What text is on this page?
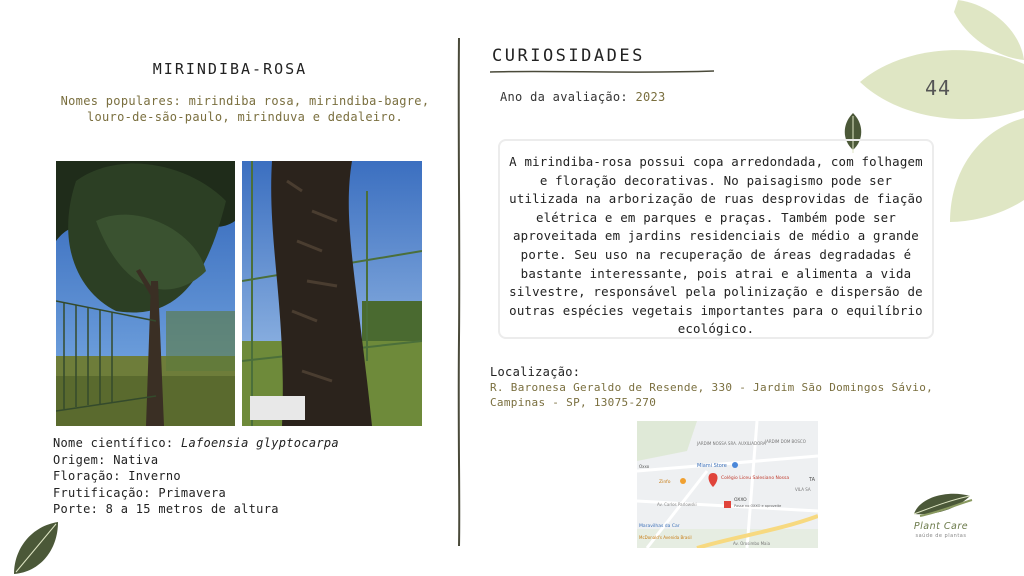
44
MIRINDIBA-ROSA
Nomes populares: mirindiba rosa, mirindiba-bagre, louro-de-são-paulo, mirinduva e dedaleiro.
Nome científico: Lafoensia glyptocarpa
Origem: Nativa
Floração: Inverno
Frutificação: Primavera
Porte: 8 a 15 metros de altura
CURIOSIDADES
Ano da avaliação: 2023
A mirindiba-rosa possui copa arredondada, com folhagem e floração decorativas. No paisagismo pode ser utilizada na arborização de ruas desprovidas de fiação elétrica e em parques e praças. Também pode ser aproveitada em jardins residenciais de médio a grande porte. Seu uso na recuperação de áreas degradadas é bastante interessante, pois atrai e alimenta a vida silvestre, responsável pela polinização e dispersão de outras espécies vegetais importantes para o equilíbrio ecológico.
Localização:
R. Baronesa Geraldo de Resende, 330 - Jardim São Domingos Sávio, Campinas - SP, 13075-270
JARDIM NOSSA SRA. AUXILIADORA JARDIM DOM BOSCO
Miami Store
Colégio Liceu Salesiano Nossa
Oxxo
OXXO
Passe no OXXO e aproveite
Zinfo
Maravilhas da Car
McDonald's Avenida Brasil
VILA SA
TA
Av. Orosimbo Maia
Av. Carlos Parlowski
Plant Care
saúde de plantas
